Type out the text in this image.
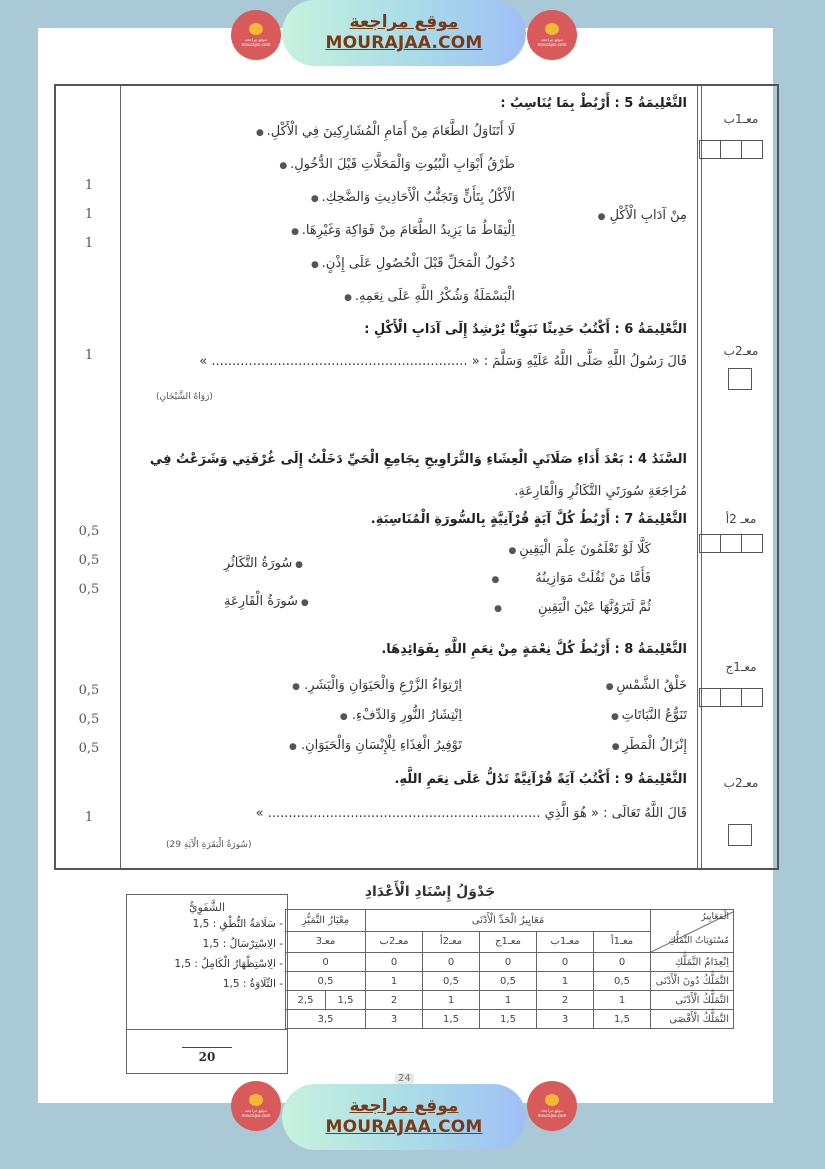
موقع مراجعة mourajaa.com
موقع مراجعة
MOURAJAA.COM	موقع مراجعة mourajaa.com
التَّعْلِيمَةُ 5 : أَرْبُطْ بِمَا يُنَاسِبُ :
لَا أَتَنَاوَلُ الطَّعَامَ مِنْ أَمَامِ الْمُشَارِكِينَ فِي الْأَكْلِ. ●
طَرْقُ أَبْوَابِ الْبُيُوتِ وَالْمَحَلَّاتِ قَبْلَ الدُّخُولِ. ●
الْأَكْلُ بِتَأَنٍّ وَتَجَنُّبُ الْأَحَادِيثِ وَالضَّحِكِ. ●
اِلْتِقَاطُ مَا يَزِيدُ الطَّعَامَ مِنْ فَوَاكِهَ وَغَيْرِهَا. ●
دُخُولُ الْمَحَلِّ قَبْلَ الْحُصُولِ عَلَى إِذْنٍ. ●
الْبَسْمَلَةُ وَشُكْرُ اللَّهِ عَلَى نِعَمِهِ. ●
مِنْ آدَابِ الْأَكْلِ ●
1
1
1
معـ1ب
التَّعْلِيمَةُ 6 : أَكْتُبُ حَدِيثًا نَبَوِيًّا يُرْشِدُ إِلَى آدَابِ الْأَكْلِ :
قَالَ رَسُولُ اللَّهِ صَلَّى اللَّهُ عَلَيْهِ وَسَلَّمَ : « .............................................................. »
(رَوَاهُ الشَّيْخَانِ)
1	معـ2ب
السَّنَدُ 4 : بَعْدَ أَدَاءِ صَلَاتَيِ الْعِشَاءِ وَالتَّرَاوِيحِ بِجَامِعِ الْحَيِّ دَخَلْتُ إِلَى غُرْفَتِي وَشَرَعْتُ فِي
مُرَاجَعَةِ سُورَتَيِ التَّكَاثُرِ وَالْقَارِعَةِ.
التَّعْلِيمَةُ 7 : أَرْبُطُ كُلَّ آيَةٍ قُرْآنِيَّةٍ بِالسُّورَةِ الْمُنَاسِبَةِ.
كَلَّا لَوْ تَعْلَمُونَ عِلْمَ الْيَقِينِ ●
فَأَمَّا مَنْ ثَقُلَتْ مَوَازِينُهُ●
ثُمَّ لَتَرَوُنَّهَا عَيْنَ الْيَقِينِ●
● سُورَةُ التَّكَاثُرِ
● سُورَةُ الْقَارِعَةِ
0,5
0,5
0,5
معـ 2أ
التَّعْلِيمَةُ 8 : أَرْبُطُ كُلَّ نِعْمَةٍ مِنْ نِعَمِ اللَّهِ بِفَوَائِدِهَا.
خَلْقُ الشَّمْسِ ●
تَنَوُّعُ النَّبَاتَاتِ ●
إِنْزَالُ الْمَطَرِ ●
اِرْتِوَاءُ الزَّرْعِ وَالْحَيَوَانِ وَالْبَشَرِ. ●
اِنْتِشَارُ النُّورِ وَالدِّفْءِ. ●
تَوْفِيرُ الْغِذَاءِ لِلْإِنْسَانِ وَالْحَيَوَانِ. ●
0,5
0,5
0,5
معـ1ج
التَّعْلِيمَةُ 9 : أَكْتُبُ آيَةً قُرْآنِيَّةً تَدُلُّ عَلَى نِعَمِ اللَّهِ.
قَالَ اللَّهُ تَعَالَى : « هُوَ الَّذِي .................................................................. »
(سُورَةُ الْبَقَرَةِ الْآيَةِ 29)
1
معـ2ب
جَدْوَلُ إِسْنَادِ الْأَعْدَادِ
الْمَعَايِيرُ
مُسْتَوَيَاتُ التَّمَلُّكِ	مَعَايِيرُ الْحَدِّ الْأَدْنَى					مِعْيَارُ التَّمَيُّزِ	
	معـ1أ	معـ1ب	معـ1ج	معـ2أ	معـ2ب	معـ3	
اِنْعِدَامُ التَّمَلُّكِ	0	0	0	0	0	0	
التَّمَلُّكُ دُونَ الْأَدْنَى	0,5	1	0,5	0,5	1	0,5	
التَّمَلُّكُ الْأَدْنَى	1	2	1	1	2	1,5	2,5
التَّمَلُّكُ الْأَقْصَى	1,5	3	1,5	1,5	3	3,5	
الشَّفَوِيُّ
- سَلَامَةُ النُّطْقِ : 1,5
- الِاسْتِرْسَالُ : 1,5
- الِاسْتِظْهَارُ الْكَامِلُ : 1,5
- التِّلَاوَةُ : 1,5
20
24
موقع مراجعة mourajaa.com	موقع مراجعة
MOURAJAA.COM
موقع مراجعة mourajaa.com
